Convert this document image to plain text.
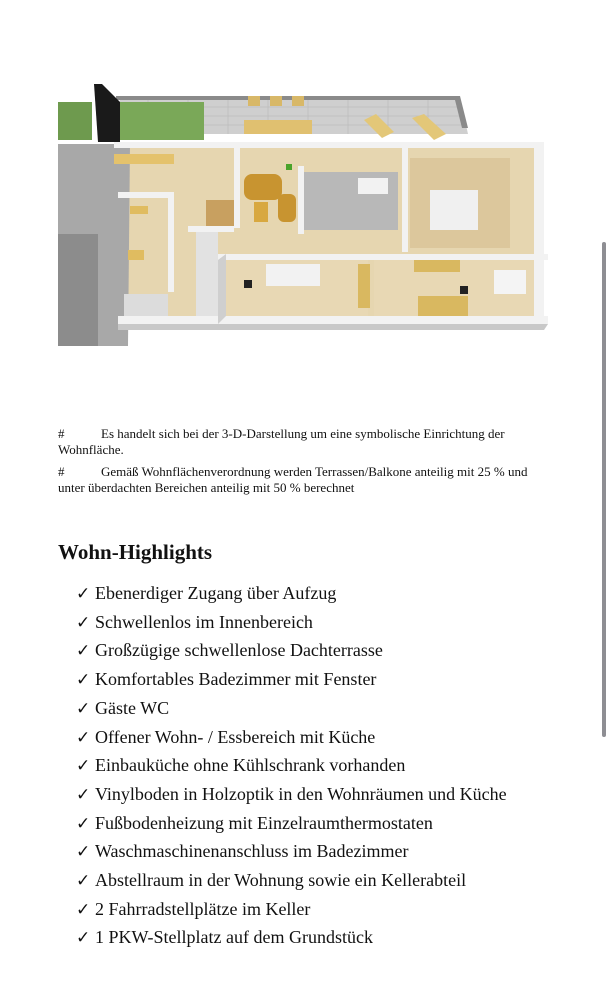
#	Es handelt sich bei der 3-D-Darstellung um eine symbolische Einrichtung der Wohnfläche.

#	Gemäß Wohnflächenverordnung werden Terrassen/Balkone anteilig mit 25 % und unter überdachten Bereichen anteilig mit 50 % berechnet

Wohn-Highlights
✓ Ebenerdiger Zugang über Aufzug
✓ Schwellenlos im Innenbereich
✓ Großzügige schwellenlose Dachterrasse
✓ Komfortables Badezimmer mit Fenster
✓ Gäste WC
✓ Offener Wohn- / Essbereich mit Küche
✓ Einbauküche ohne Kühlschrank vorhanden
✓ Vinylboden in Holzoptik in den Wohnräumen und Küche
✓ Fußbodenheizung mit Einzelraumthermostaten
✓ Waschmaschinenanschluss im Badezimmer
✓ Abstellraum in der Wohnung sowie ein Kellerabteil
✓ 2 Fahrradstellplätze im Keller
✓ 1 PKW-Stellplatz auf dem Grundstück
